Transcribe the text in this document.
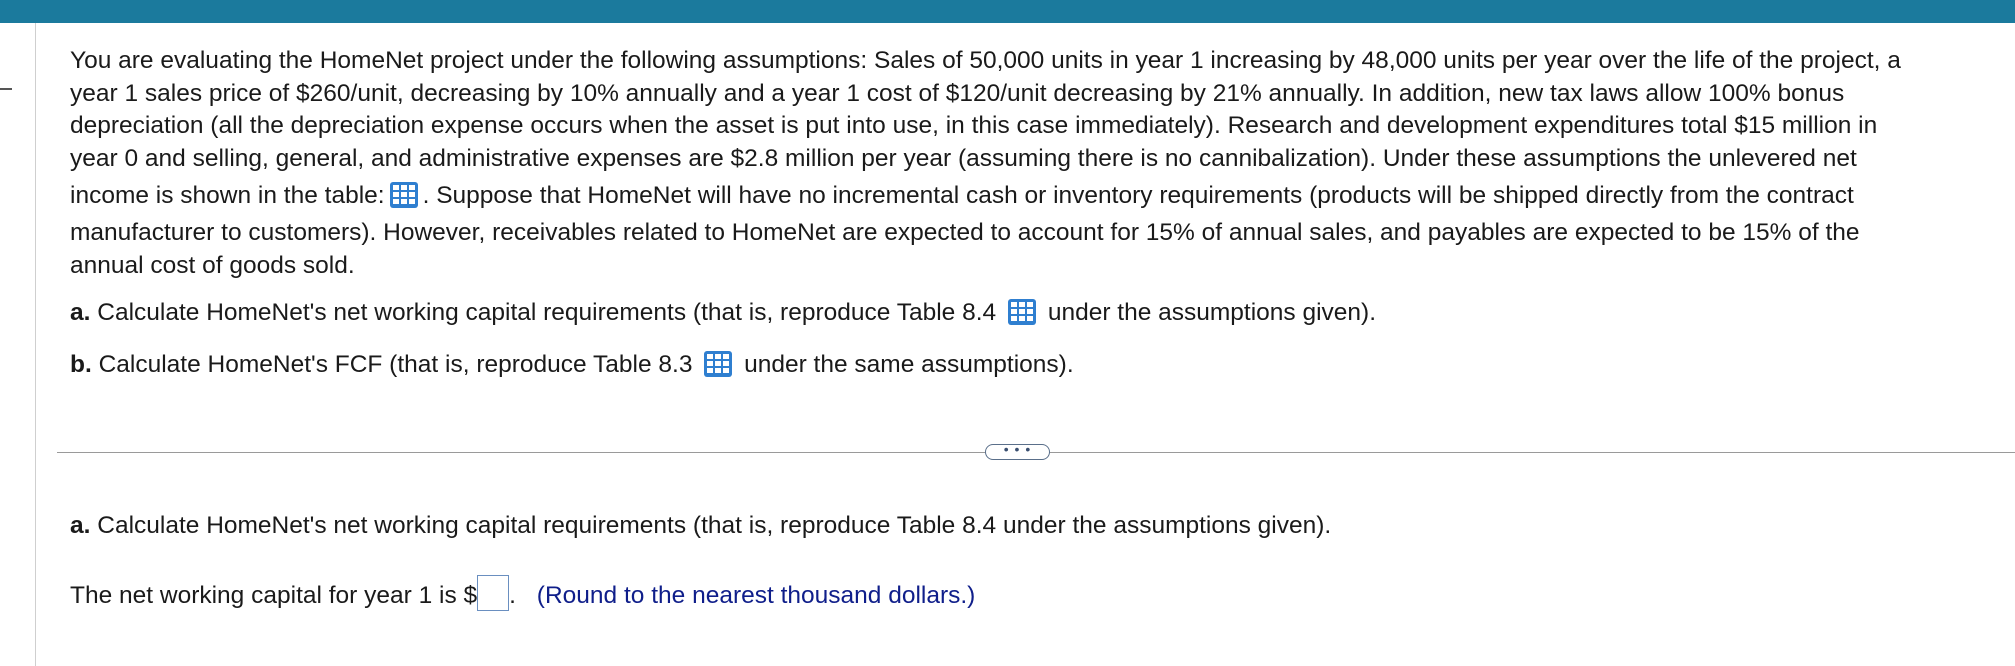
You are evaluating the HomeNet project under the following assumptions: Sales of 50,000 units in year 1 increasing by 48,000 units per year over the life of the project, a
year 1 sales price of $260/unit, decreasing by 10% annually and a year 1 cost of $120/unit decreasing by 21% annually. In addition, new tax laws allow 100% bonus
depreciation (all the depreciation expense occurs when the asset is put into use, in this case immediately). Research and development expenditures total $15 million in
year 0 and selling, general, and administrative expenses are $2.8 million per year (assuming there is no cannibalization). Under these assumptions the unlevered net
income is shown in the table: . Suppose that HomeNet will have no incremental cash or inventory requirements (products will be shipped directly from the contract
manufacturer to customers). However, receivables related to HomeNet are expected to account for 15% of annual sales, and payables are expected to be 15% of the
annual cost of goods sold.
a. Calculate HomeNet's net working capital requirements (that is, reproduce Table 8.4 under the assumptions given).
b. Calculate HomeNet's FCF (that is, reproduce Table 8.3 under the same assumptions).
• • •
a. Calculate HomeNet's net working capital requirements (that is, reproduce Table 8.4 under the assumptions given).
The net working capital for year 1 is $ . (Round to the nearest thousand dollars.)
